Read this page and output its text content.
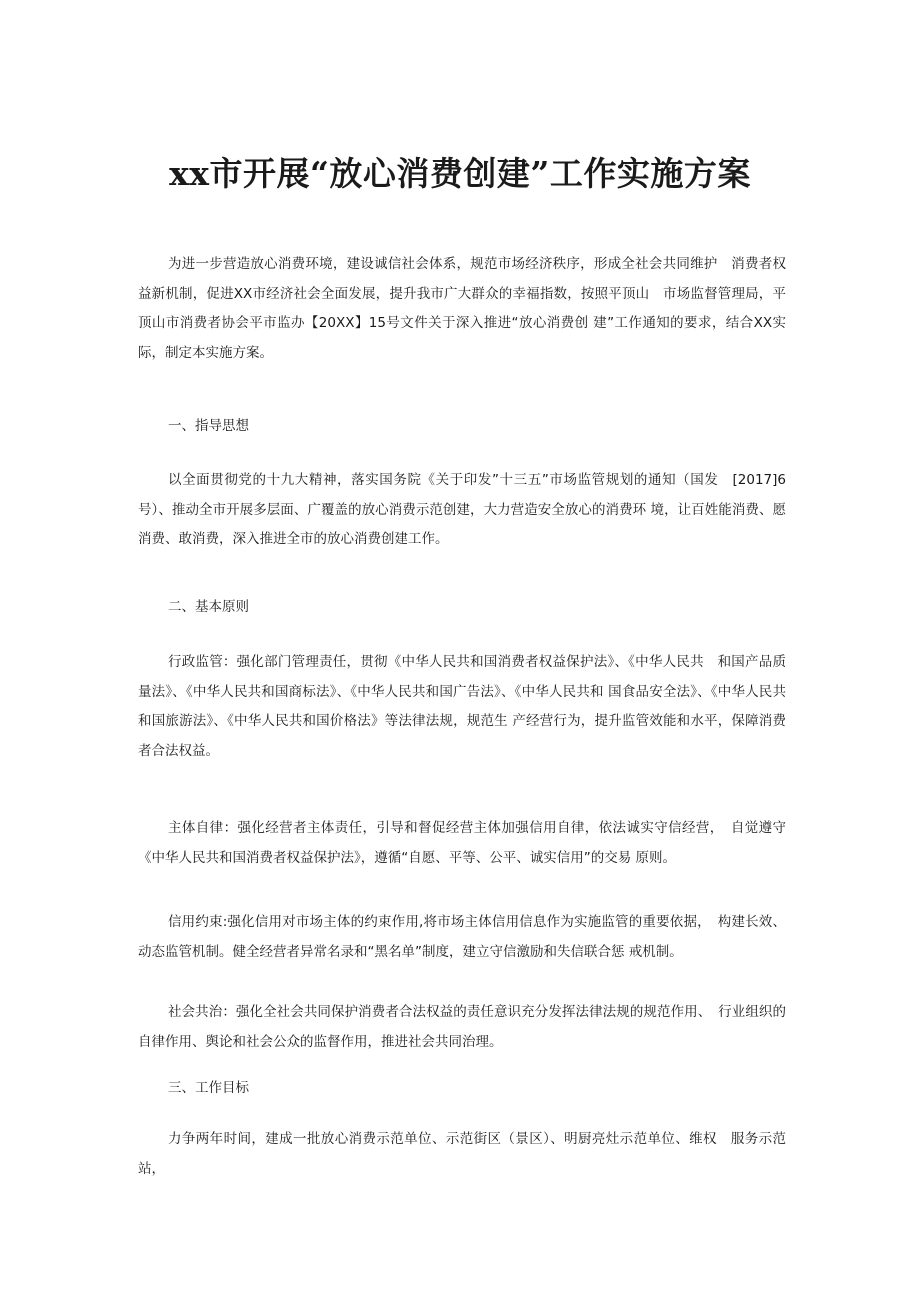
xx市开展“放心消费创建”工作实施方案

为进一步营造放心消费环境，建设诚信社会体系，规范市场经济秩序，形成全社会共同维护　消费者权益新机制，促进XX市经济社会全面发展，提升我市广大群众的幸福指数，按照平顶山　市场监督管理局，平顶山市消费者协会平市监办【20XX】15号文件关于深入推进“放心消费创 建”工作通知的要求，结合XX实际，制定本实施方案。

一、指导思想

以全面贯彻党的十九大精神，落实国务院《关于印发”十三五”市场监管规划的通知（国发　[2017]6号）、推动全市开展多层面、广覆盖的放心消费示范创建，大力营造安全放心的消费环 境，让百姓能消费、愿消费、敢消费，深入推进全市的放心消费创建工作。

二、基本原则

行政监管：强化部门管理责任，贯彻《中华人民共和国消费者权益保护法》、《中华人民共　和国产品质量法》、《中华人民共和国商标法》、《中华人民共和国广告法》、《中华人民共和 国食品安全法》、《中华人民共和国旅游法》、《中华人民共和国价格法》等法律法规，规范生 产经营行为，提升监管效能和水平，保障消费者合法权益。

主体自律：强化经营者主体责任，引导和督促经营主体加强信用自律，依法诚实守信经营，　自觉遵守《中华人民共和国消费者权益保护法》，遵循“自愿、平等、公平、诚实信用”的交易 原则。

信用约束:强化信用对市场主体的约束作用,将市场主体信用信息作为实施监管的重要依据，　构建长效、动态监管机制。健全经营者异常名录和“黑名单”制度，建立守信激励和失信联合惩 戒机制。

社会共治：强化全社会共同保护消费者合法权益的责任意识充分发挥法律法规的规范作用、　行业组织的自律作用、舆论和社会公众的监督作用，推进社会共同治理。

三、工作目标

力争两年时间，建成一批放心消费示范单位、示范街区（景区）、明厨亮灶示范单位、维权　服务示范站，
